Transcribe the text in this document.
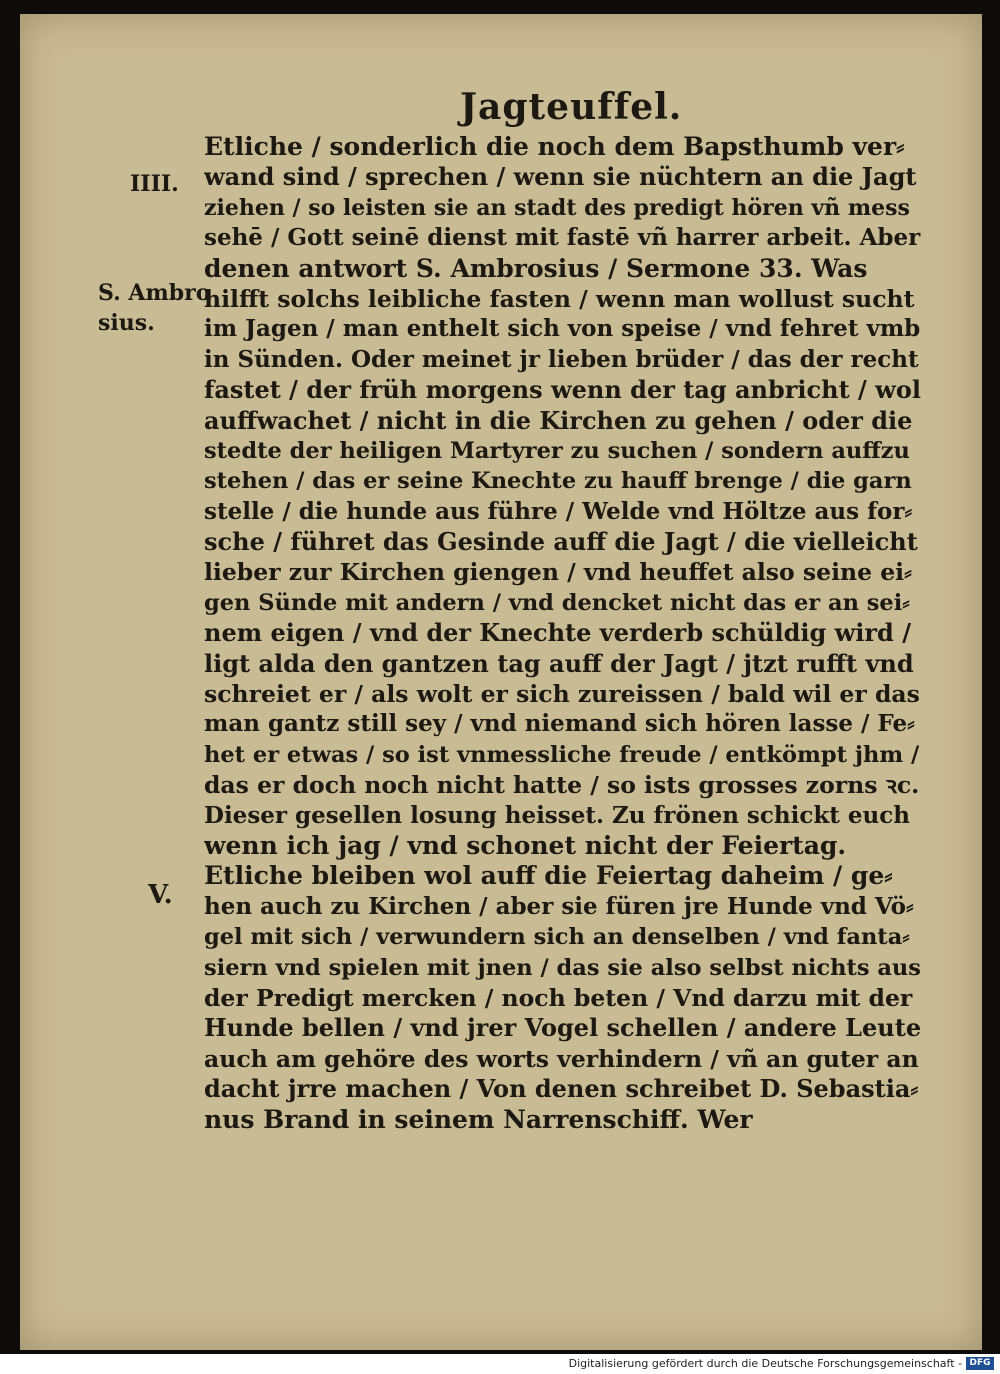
Jagteuffel.
IIII.
S. Ambro
sius.
V.
Etliche / sonderlich die noch dem Bapsthumb ver⸗
wand sind / sprechen / wenn sie nüchtern an die Jagt
ziehen / so leisten sie an stadt des predigt hören vñ mess
sehē / Gott seinē dienst mit fastē vñ harrer arbeit. Aber
denen antwort S. Ambrosius / Sermone 33. Was
hilfft solchs leibliche fasten / wenn man wollust sucht
im Jagen / man enthelt sich von speise / vnd fehret vmb
in Sünden. Oder meinet jr lieben brüder / das der recht
fastet / der früh morgens wenn der tag anbricht / wol
auffwachet / nicht in die Kirchen zu gehen / oder die
stedte der heiligen Martyrer zu suchen / sondern auffzu
stehen / das er seine Knechte zu hauff brenge / die garn
stelle / die hunde aus führe / Welde vnd Höltze aus for⸗
sche / führet das Gesinde auff die Jagt / die vielleicht
lieber zur Kirchen giengen / vnd heuffet also seine ei⸗
gen Sünde mit andern / vnd dencket nicht das er an sei⸗
nem eigen / vnd der Knechte verderb schüldig wird /
ligt alda den gantzen tag auff der Jagt / jtzt rufft vnd
schreiet er / als wolt er sich zureissen / bald wil er das
man gantz still sey / vnd niemand sich hören lasse / Fe⸗
het er etwas / so ist vnmessliche freude / entkömpt jhm /
das er doch noch nicht hatte / so ists grosses zorns ꝛc.
Dieser gesellen losung heisset. Zu frönen schickt euch
wenn ich jag / vnd schonet nicht der Feiertag.
Etliche bleiben wol auff die Feiertag daheim / ge⸗
hen auch zu Kirchen / aber sie füren jre Hunde vnd Vö⸗
gel mit sich / verwundern sich an denselben / vnd fanta⸗
siern vnd spielen mit jnen / das sie also selbst nichts aus
der Predigt mercken / noch beten / Vnd darzu mit der
Hunde bellen / vnd jrer Vogel schellen / andere Leute
auch am gehöre des worts verhindern / vñ an guter an
dacht jrre machen / Von denen schreibet D. Sebastia⸗
nus Brand in seinem Narrenschiff. Wer
Digitalisierung gefördert durch die Deutsche Forschungsgemeinschaft - DFG
